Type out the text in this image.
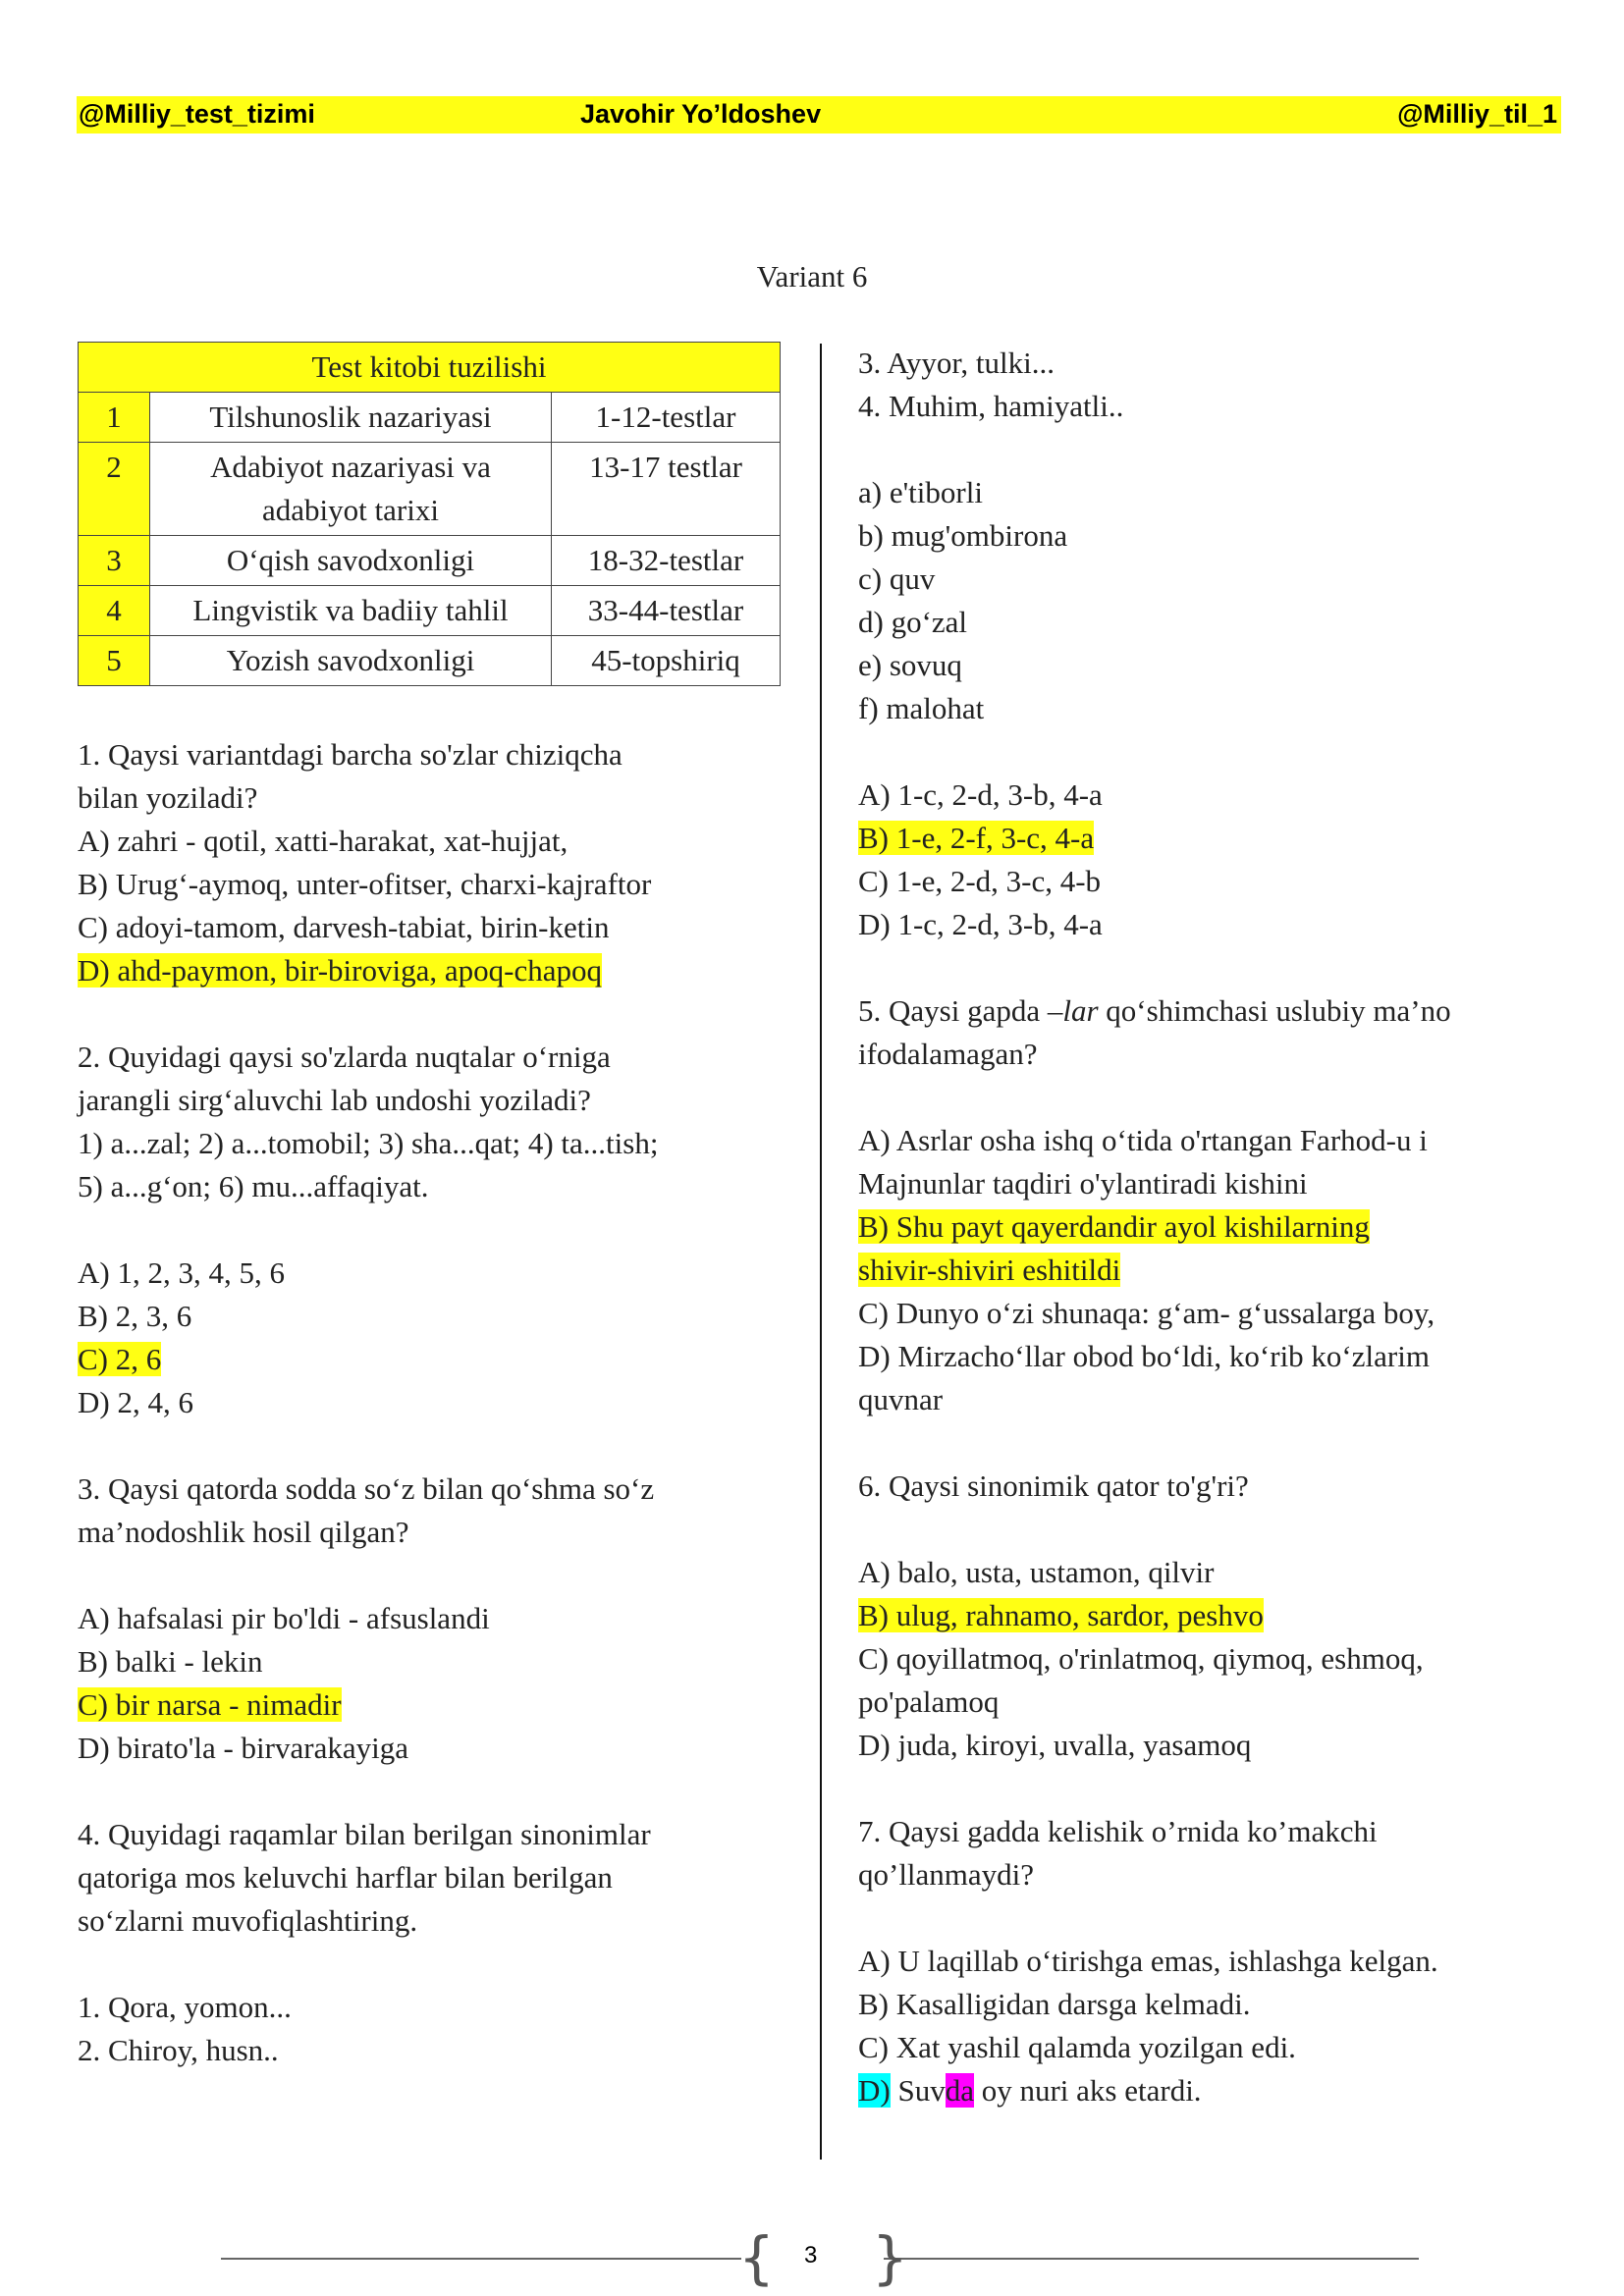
@Milliy_test_tizimi	Javohir Yo’ldoshev	@Milliy_til_1
Variant 6
Test kitobi tuzilishi		
1	Tilshunoslik nazariyasi	1-12-testlar
2	Adabiyot nazariyasi va adabiyot tarixi	13-17 testlar
3	O‘qish savodxonligi	18-32-testlar
4	Lingvistik va badiiy tahlil	33-44-testlar
5	Yozish savodxonligi	45-topshiriq
1. Qaysi variantdagi barcha so'zlar chiziqcha
bilan yoziladi?
A) zahri - qotil, xatti-harakat, xat-hujjat,
B) Urug‘-aymoq, unter-ofitser, charxi-kajraftor
C) adoyi-tamom, darvesh-tabiat, birin-ketin
D) ahd-paymon, bir-biroviga, apoq-chapoq
2. Quyidagi qaysi so'zlarda nuqtalar o‘rniga
jarangli sirg‘aluvchi lab undoshi yoziladi?
1) a...zal; 2) a...tomobil; 3) sha...qat; 4) ta...tish;
5) a...g‘on; 6) mu...affaqiyat.
A) 1, 2, 3, 4, 5, 6
B) 2, 3, 6
C) 2, 6
D) 2, 4, 6
3. Qaysi qatorda sodda so‘z bilan qo‘shma so‘z
ma’nodoshlik hosil qilgan?
A) hafsalasi pir bo'ldi - afsuslandi
B) balki - lekin
C) bir narsa - nimadir
D) birato'la - birvarakayiga
4. Quyidagi raqamlar bilan berilgan sinonimlar
qatoriga mos keluvchi harflar bilan berilgan
so‘zlarni muvofiqlashtiring.
1. Qora, yomon...
2. Chiroy, husn..
3. Ayyor, tulki...
4. Muhim, hamiyatli..
a) e'tiborli
b) mug'ombirona
c) quv
d) go‘zal
e) sovuq
f) malohat
A) 1-c, 2-d, 3-b, 4-a
B) 1-e, 2-f, 3-c, 4-a
C) 1-e, 2-d, 3-c, 4-b
D) 1-c, 2-d, 3-b, 4-a
5. Qaysi gapda –lar qo‘shimchasi uslubiy ma’no
ifodalamagan?
A) Asrlar osha ishq o‘tida o'rtangan Farhod-u i
Majnunlar taqdiri o'ylantiradi kishini
B) Shu payt qayerdandir ayol kishilarning
shivir-shiviri eshitildi
C) Dunyo o‘zi shunaqa: g‘am- g‘ussalarga boy,
D) Mirzacho‘llar obod bo‘ldi, ko‘rib ko‘zlarim
quvnar
6. Qaysi sinonimik qator to'g'ri?
A) balo, usta, ustamon, qilvir
B) ulug, rahnamo, sardor, peshvo
C) qoyillatmoq, o'rinlatmoq, qiymoq, eshmoq,
po'palamoq
D) juda, kiroyi, uvalla, yasamoq
7. Qaysi gadda kelishik o’rnida ko’makchi
qo’llanmaydi?
A) U laqillab o‘tirishga emas, ishlashga kelgan.
B) Kasalligidan darsga kelmadi.
C) Xat yashil qalamda yozilgan edi.
D) Suvda oy nuri aks etardi.
{ 3 }
